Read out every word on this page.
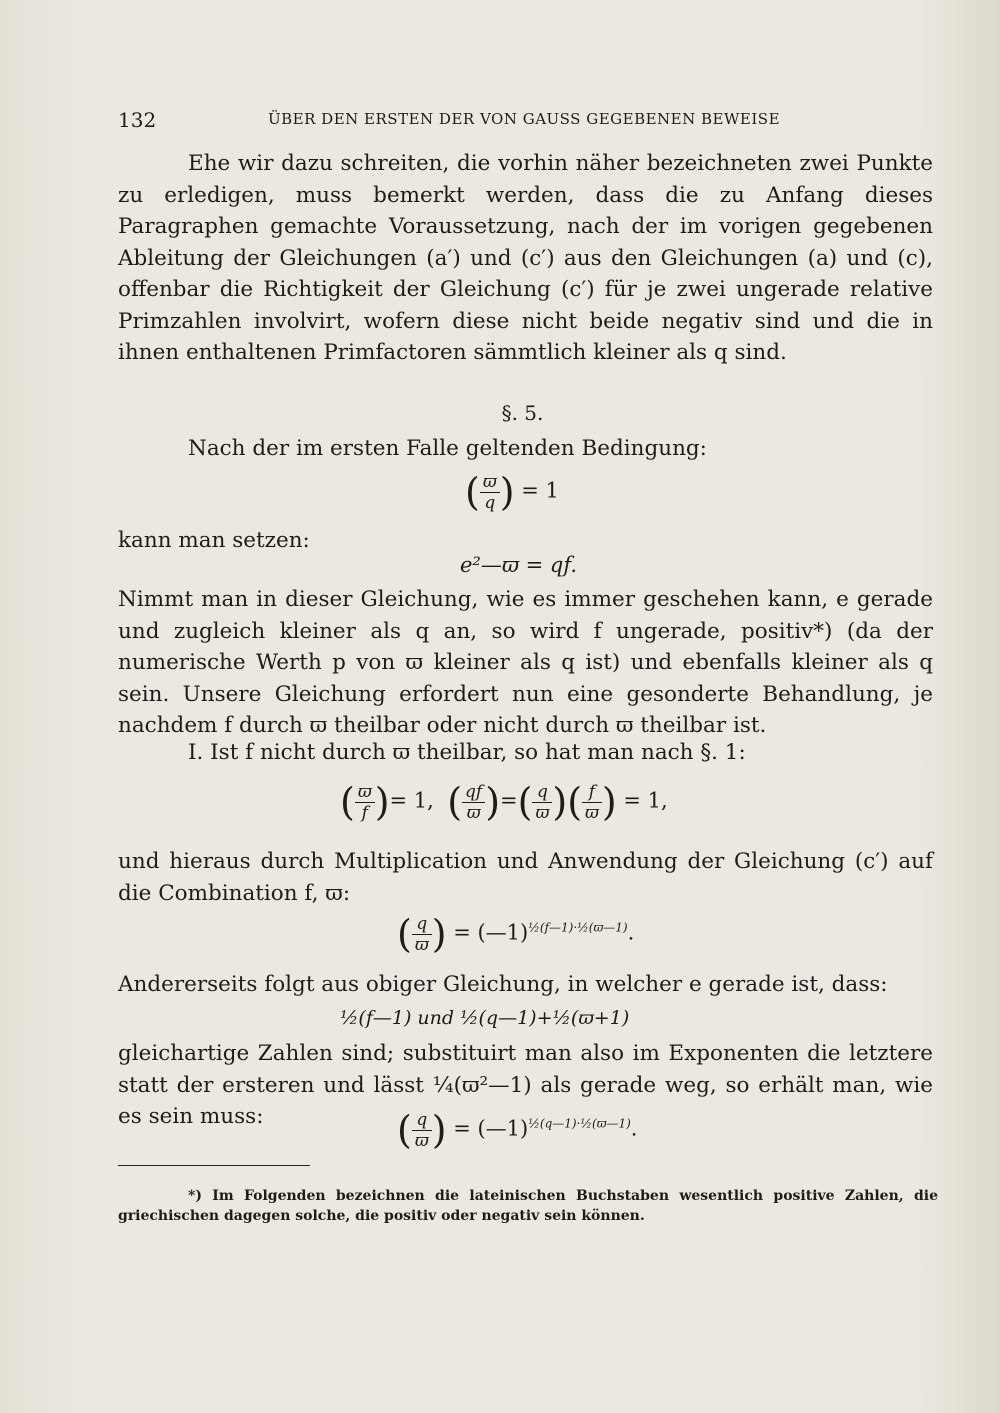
132	ÜBER DEN ERSTEN DER VON GAUSS GEGEBENEN BEWEISE

Ehe wir dazu schreiten, die vorhin näher bezeichneten zwei Punkte zu erledigen, muss bemerkt werden, dass die zu Anfang dieses Paragraphen gemachte Voraussetzung, nach der im vorigen gegebenen Ableitung der Gleichungen (a′) und (c′) aus den Gleichungen (a) und (c), offenbar die Richtigkeit der Gleichung (c′) für je zwei ungerade relative Primzahlen involvirt, wofern diese nicht beide negativ sind und die in ihnen enthaltenen Primfactoren sämmtlich kleiner als q sind.

§. 5.
Nach der im ersten Falle geltenden Bedingung:
( $\frac{ϖ}{q}$ ) = 1
kann man setzen:
e²—ϖ = qf.

Nimmt man in dieser Gleichung, wie es immer geschehen kann, e gerade und zugleich kleiner als q an, so wird f ungerade, positiv*) (da der numerische Werth p von ϖ kleiner als q ist) und ebenfalls kleiner als q sein. Unsere Gleichung erfordert nun eine gesonderte Behandlung, je nachdem f durch ϖ theilbar oder nicht durch ϖ theilbar ist.

I. Ist f nicht durch ϖ theilbar, so hat man nach §. 1:
( $\frac{ϖ}{f}$ )= 1, ( $\frac{qf}{ϖ}$ )=( $\frac{q}{ϖ}$ )( $\frac{f}{ϖ}$ ) = 1,

und hieraus durch Multiplication und Anwendung der Gleichung (c′) auf die Combination f, ϖ:

( $\frac{q}{ϖ}$ ) = (—1)$^{\frac{1}{2}(f—1)\cdot\frac{1}{2}(ϖ—1)}$.

Andererseits folgt aus obiger Gleichung, in welcher e gerade ist, dass:

½(f—1) und ½(q—1)+½(ϖ+1)

gleichartige Zahlen sind; substituirt man also im Exponenten die letztere statt der ersteren und lässt ¼(ϖ²—1) als gerade weg, so erhält man, wie es sein muss:	( $\frac{q}{ϖ}$ ) = (—1)$^{\frac{1}{2}(q—1)\cdot\frac{1}{2}(ϖ—1)}$.
*) Im Folgenden bezeichnen die lateinischen Buchstaben wesentlich positive Zahlen, die griechischen dagegen solche, die positiv oder negativ sein können.
